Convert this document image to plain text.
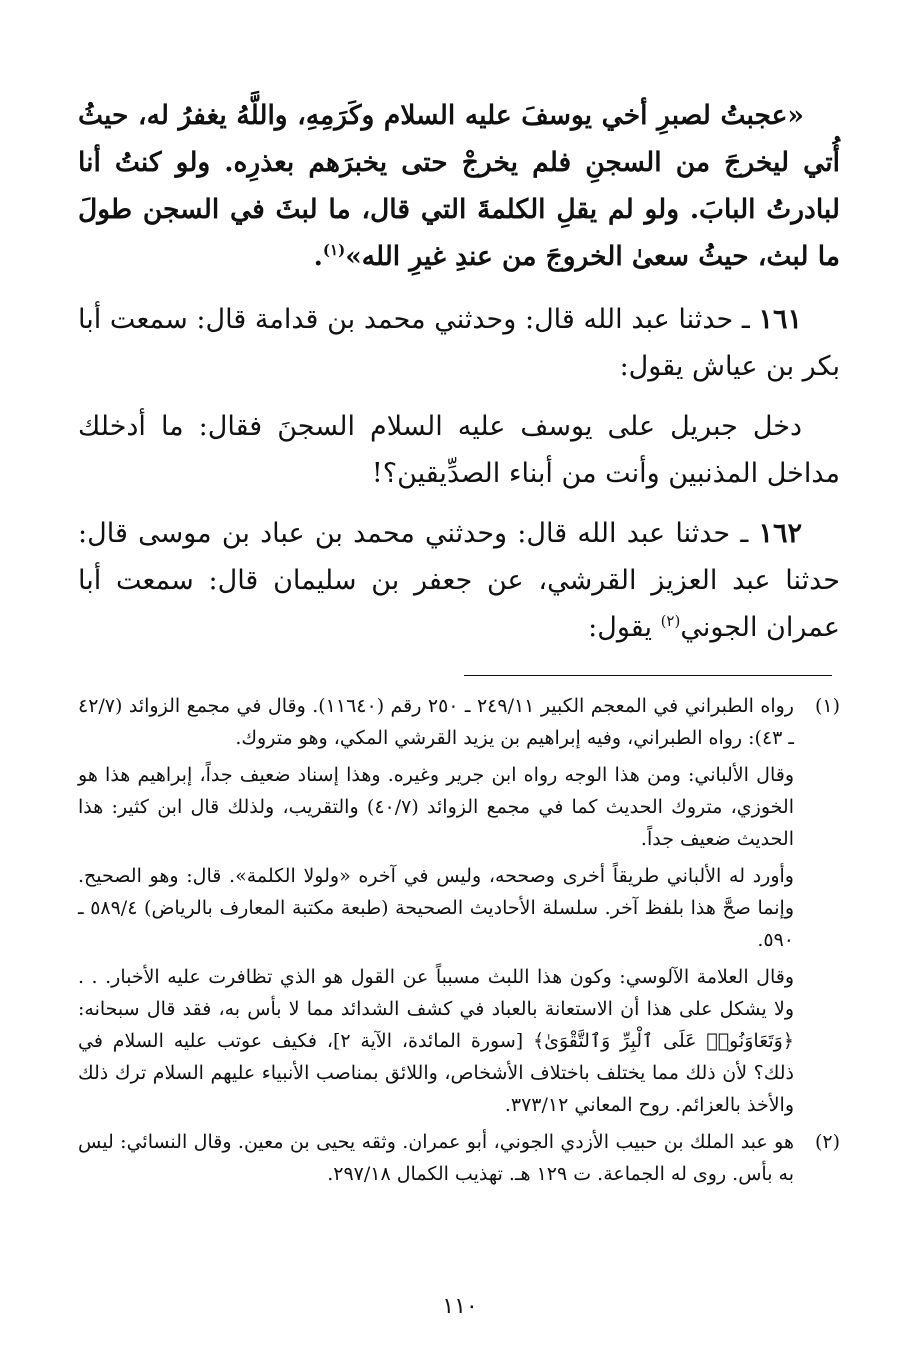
«عجبتُ لصبرِ أخي يوسفَ عليه السلام وكَرَمِهِ، واللَّهُ يغفرُ له، حيثُ أُتي ليخرجَ من السجنِ فلم يخرجْ حتى يخبرَهم بعذرِه. ولو كنتُ أنا لبادرتُ البابَ. ولو لم يقلِ الكلمةَ التي قال، ما لبثَ في السجن طولَ ما لبث، حيثُ سعىٰ الخروجَ من عندِ غيرِ الله»$^{(١)}$.

١٦١ ـ حدثنا عبد الله قال: وحدثني محمد بن قدامة قال: سمعت أبا بكر بن عياش يقول:

دخل جبريل على يوسف عليه السلام السجنَ فقال: ما أدخلك مداخل المذنبين وأنت من أبناء الصدِّيقين؟!

١٦٢ ـ حدثنا عبد الله قال: وحدثني محمد بن عباد بن موسى قال: حدثنا عبد العزيز القرشي، عن جعفر بن سليمان قال: سمعت أبا عمران الجوني$^{(٢)}$ يقول:

(١)

رواه الطبراني في المعجم الكبير ٢٤٩/١١ ـ ٢٥٠ رقم (١١٦٤٠). وقال في مجمع الزوائد (٤٢/٧ ـ ٤٣): رواه الطبراني، وفيه إبراهيم بن يزيد القرشي المكي، وهو متروك.

وقال الألباني: ومن هذا الوجه رواه ابن جرير وغيره. وهذا إسناد ضعيف جداً، إبراهيم هذا هو الخوزي، متروك الحديث كما في مجمع الزوائد (٤٠/٧) والتقريب، ولذلك قال ابن كثير: هذا الحديث ضعيف جداً.

وأورد له الألباني طريقاً أخرى وصححه، وليس في آخره «ولولا الكلمة». قال: وهو الصحيح. وإنما صحَّ هذا بلفظ آخر. سلسلة الأحاديث الصحيحة (طبعة مكتبة المعارف بالرياض) ٥٨٩/٤ ـ ٥٩٠.

وقال العلامة الآلوسي: وكون هذا اللبث مسبباً عن القول هو الذي تظافرت عليه الأخبار. . . ولا يشكل على هذا أن الاستعانة بالعباد في كشف الشدائد مما لا بأس به، فقد قال سبحانه: ﴿وَتَعَاوَنُوا۟ عَلَى ٱلْبِرِّ وَٱلتَّقْوَىٰ﴾ [سورة المائدة، الآية ٢]، فكيف عوتب عليه السلام في ذلك؟ لأن ذلك مما يختلف باختلاف الأشخاص، واللائق بمناصب الأنبياء عليهم السلام ترك ذلك والأخذ بالعزائم. روح المعاني ٣٧٣/١٢.

(٢)

هو عبد الملك بن حبيب الأزدي الجوني، أبو عمران. وثقه يحيى بن معين. وقال النسائي: ليس به بأس. روى له الجماعة. ت ١٢٩ هـ. تهذيب الكمال ٢٩٧/١٨.

١١٠
